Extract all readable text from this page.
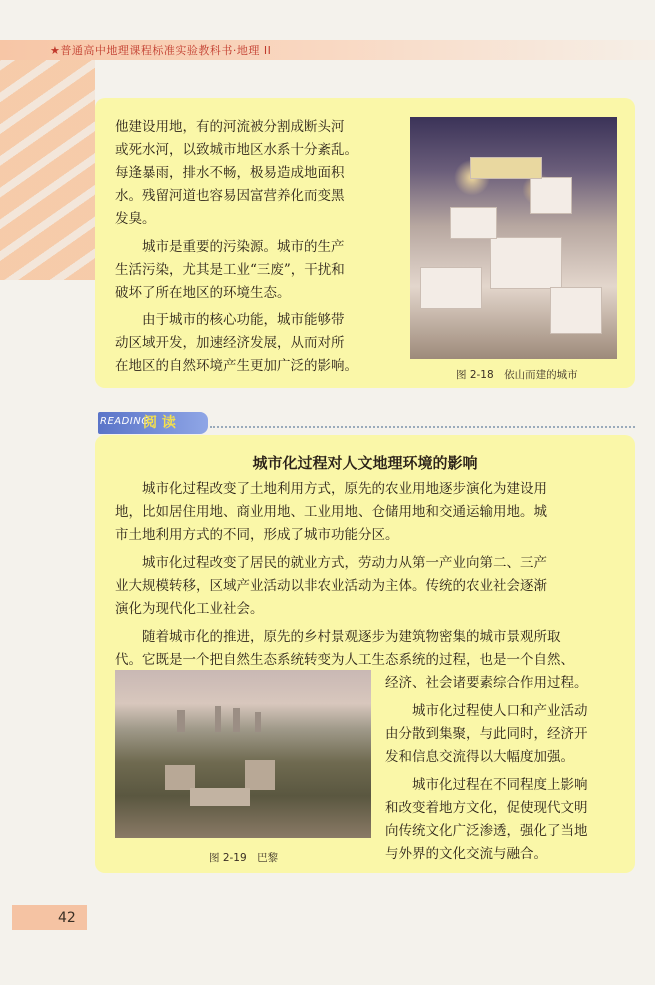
★普通高中地理课程标准实验教科书·地理 II

他建设用地，有的河流被分割成断头河

或死水河，以致城市地区水系十分紊乱。

每逢暴雨，排水不畅，极易造成地面积

水。残留河道也容易因富营养化而变黑

发臭。

城市是重要的污染源。城市的生产

生活污染，尤其是工业“三废”，干扰和

破坏了所在地区的环境生态。

由于城市的核心功能，城市能够带

动区域开发，加速经济发展，从而对所

在地区的自然环境产生更加广泛的影响。

图 2-18　依山而建的城市
READING
阅 读
城市化过程对人文地理环境的影响

城市化过程改变了土地利用方式，原先的农业用地逐步演化为建设用

地，比如居住用地、商业用地、工业用地、仓储用地和交通运输用地。城

市土地利用方式的不同，形成了城市功能分区。

城市化过程改变了居民的就业方式，劳动力从第一产业向第二、三产

业大规模转移，区域产业活动以非农业活动为主体。传统的农业社会逐渐

演化为现代化工业社会。

随着城市化的推进，原先的乡村景观逐步为建筑物密集的城市景观所取

代。它既是一个把自然生态系统转变为人工生态系统的过程，也是一个自然、

经济、社会诸要素综合作用过程。

城市化过程使人口和产业活动

由分散到集聚，与此同时，经济开

发和信息交流得以大幅度加强。

城市化过程在不同程度上影响

和改变着地方文化，促使现代文明

向传统文化广泛渗透，强化了当地

与外界的文化交流与融合。

图 2-19　巴黎
42
